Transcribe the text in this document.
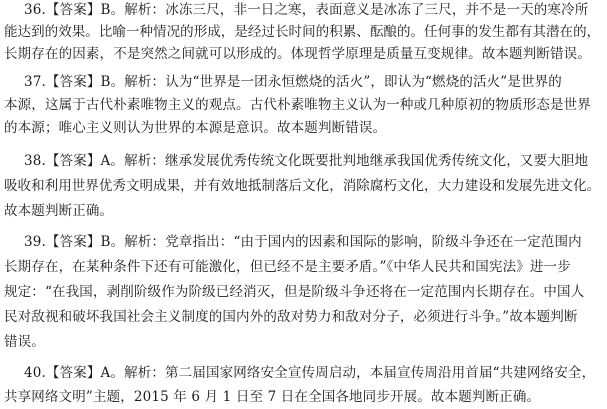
36.【答案】B。解析：冰冻三尺，非一日之寒，表面意义是冰冻了三尺，并不是一天的寒冷所
能达到的效果。比喻一种情况的形成，是经过长时间的积累、酝酿的。任何事的发生都有其潜在的，
长期存在的因素，不是突然之间就可以形成的。体现哲学原理是质量互变规律。故本题判断错误。
37.【答案】B。解析：认为“世界是一团永恒燃烧的活火”，即认为“燃烧的活火”是世界的
本源，这属于古代朴素唯物主义的观点。古代朴素唯物主义认为一种或几种原初的物质形态是世界
的本源；唯心主义则认为世界的本源是意识。故本题判断错误。
38.【答案】A。解析：继承发展优秀传统文化既要批判地继承我国优秀传统文化，又要大胆地
吸收和利用世界优秀文明成果，并有效地抵制落后文化，消除腐朽文化，大力建设和发展先进文化。
故本题判断正确。
39.【答案】B。解析：党章指出：“由于国内的因素和国际的影响，阶级斗争还在一定范围内
长期存在，在某种条件下还有可能激化，但已经不是主要矛盾。”《中华人民共和国宪法》进一步
规定：“在我国，剥削阶级作为阶级已经消灭，但是阶级斗争还将在一定范围内长期存在。中国人
民对敌视和破坏我国社会主义制度的国内外的敌对势力和敌对分子，必须进行斗争。”故本题判断
错误。
40.【答案】A。解析：第二届国家网络安全宣传周启动，本届宣传周沿用首届“共建网络安全，
共享网络文明”主题，2015 年 6 月 1 日至 7 日在全国各地同步开展。故本题判断正确。
